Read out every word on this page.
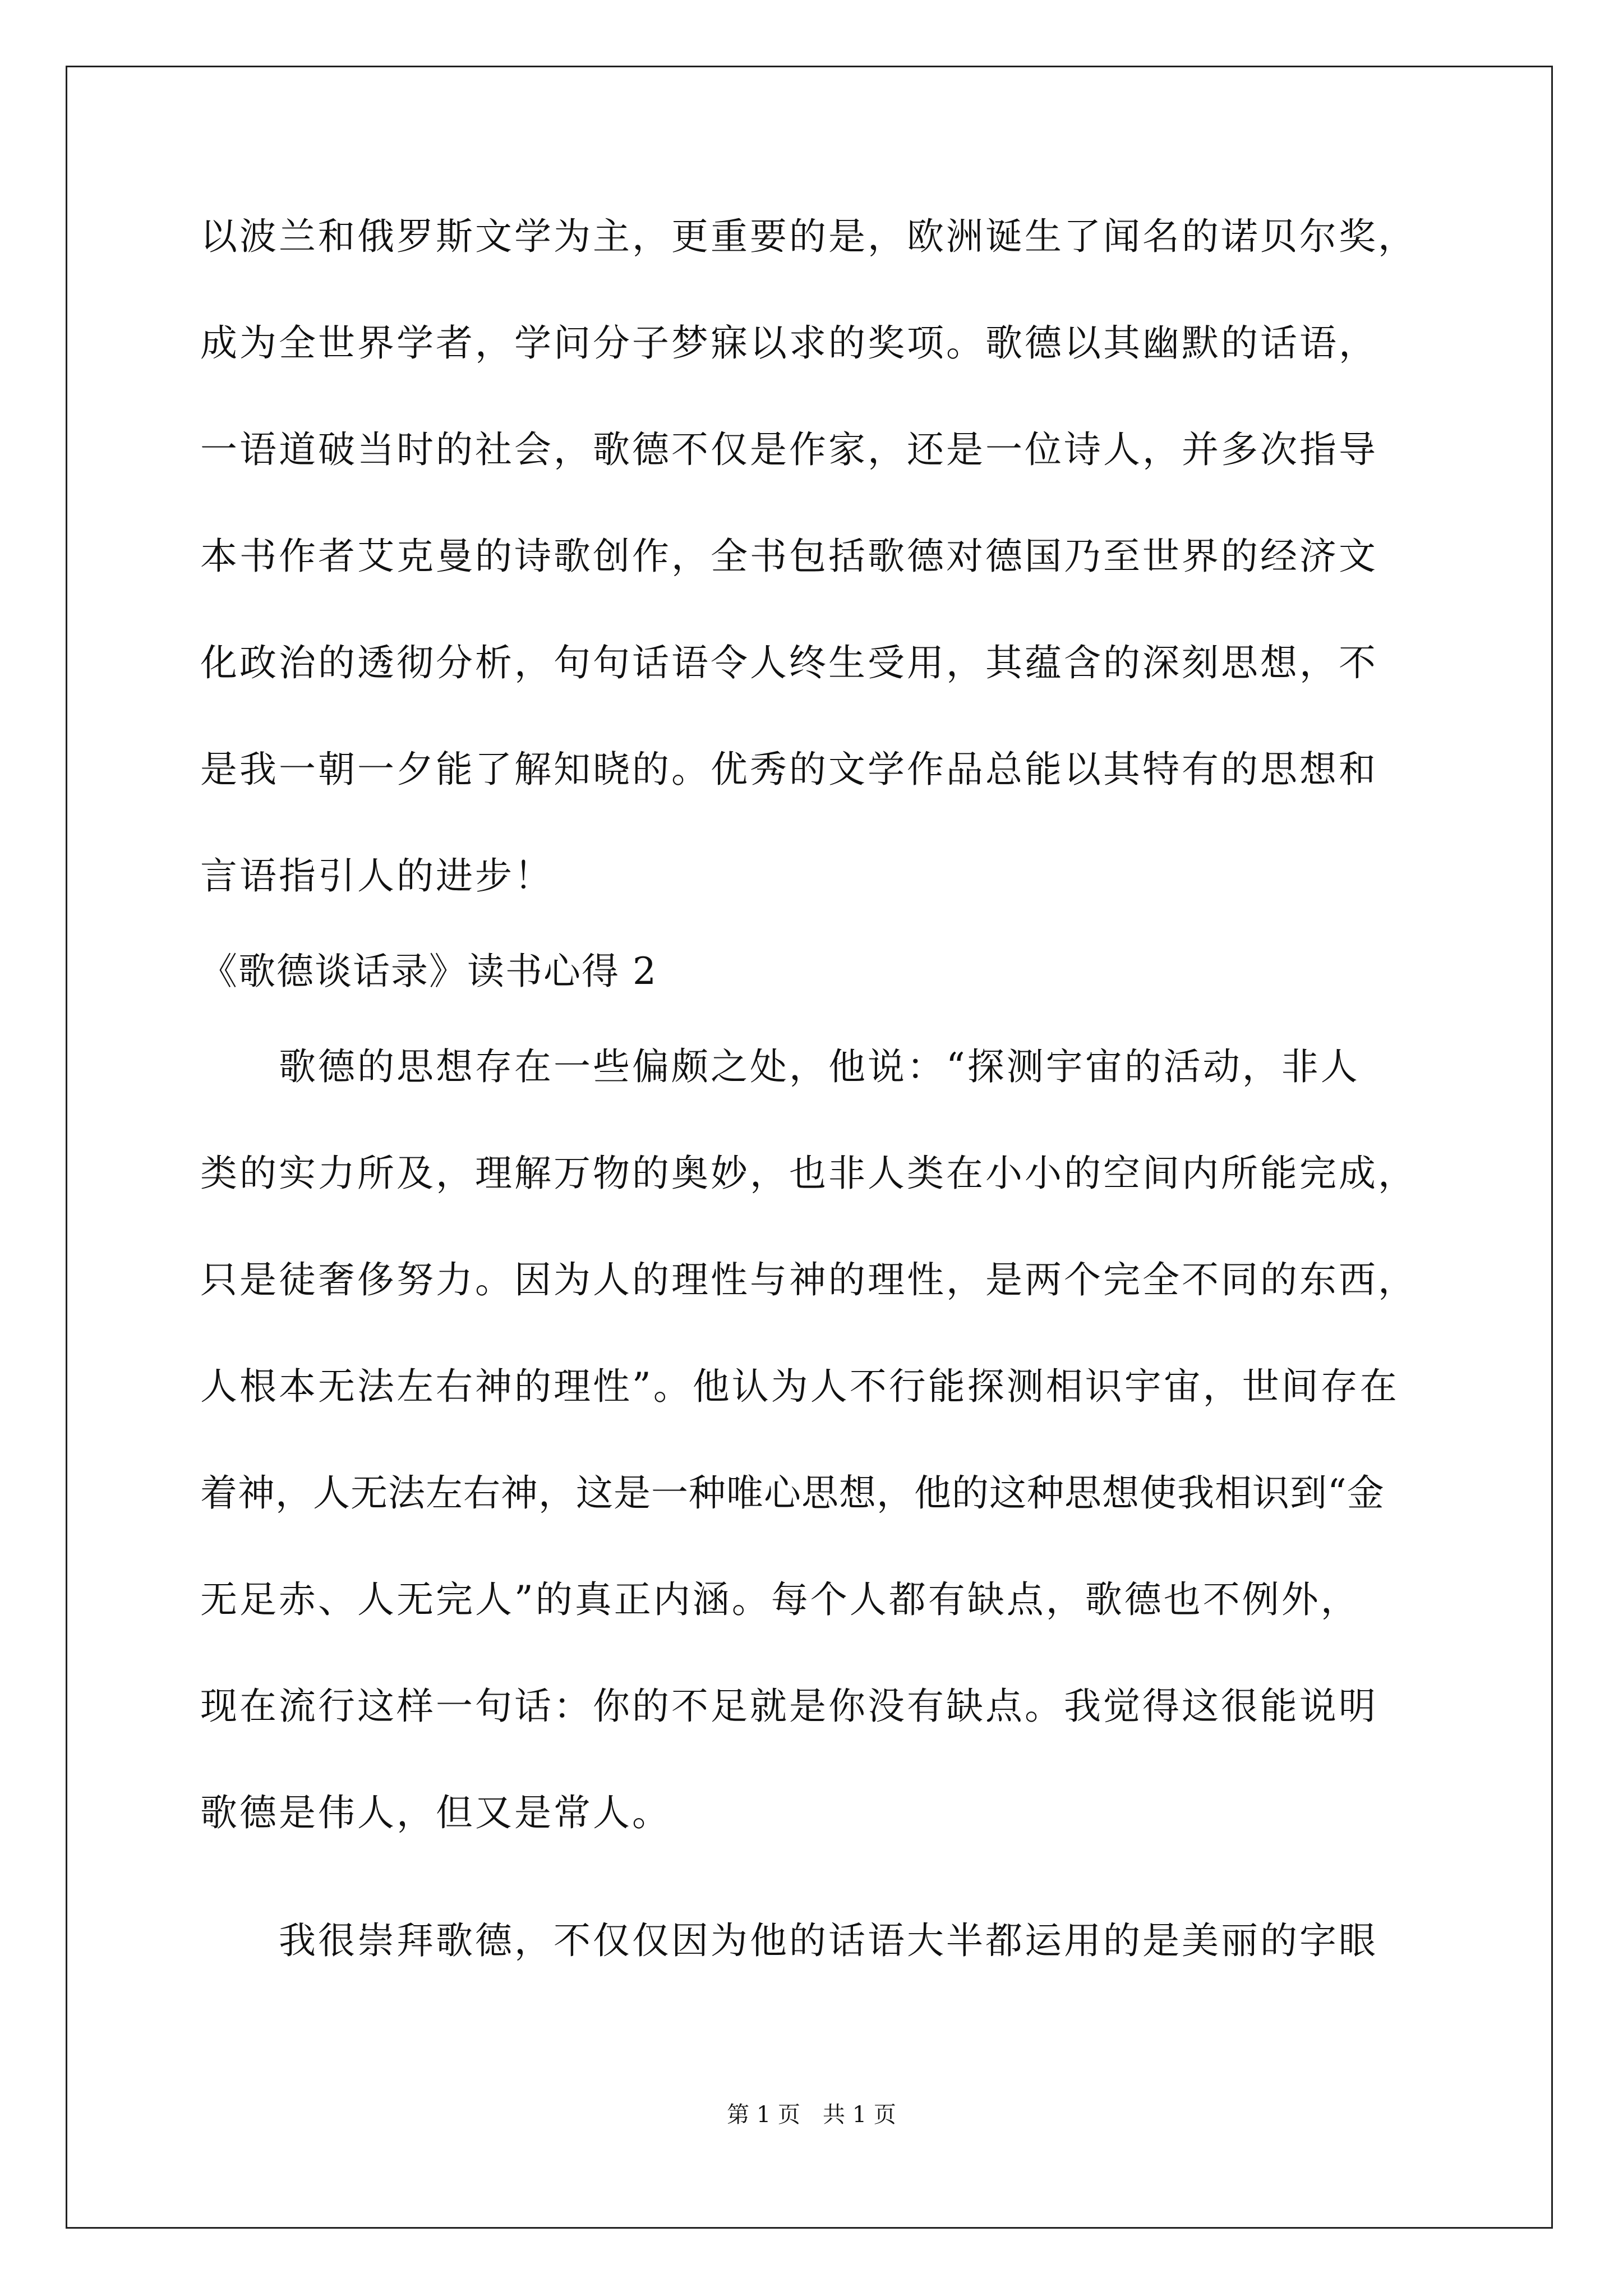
以波兰和俄罗斯文学为主，更重要的是，欧洲诞生了闻名的诺贝尔奖，
成为全世界学者，学问分子梦寐以求的奖项。歌德以其幽默的话语，
一语道破当时的社会，歌德不仅是作家，还是一位诗人，并多次指导
本书作者艾克曼的诗歌创作，全书包括歌德对德国乃至世界的经济文
化政治的透彻分析，句句话语令人终生受用，其蕴含的深刻思想，不
是我一朝一夕能了解知晓的。优秀的文学作品总能以其特有的思想和
言语指引人的进步！
《歌德谈话录》读书心得 2
歌德的思想存在一些偏颇之处，他说：“探测宇宙的活动，非人
类的实力所及，理解万物的奥妙，也非人类在小小的空间内所能完成，
只是徒奢侈努力。因为人的理性与神的理性，是两个完全不同的东西，
人根本无法左右神的理性”。他认为人不行能探测相识宇宙，世间存在
着神，人无法左右神，这是一种唯心思想，他的这种思想使我相识到“金
无足赤、人无完人”的真正内涵。每个人都有缺点，歌德也不例外，
现在流行这样一句话：你的不足就是你没有缺点。我觉得这很能说明
歌德是伟人，但又是常人。
我很崇拜歌德，不仅仅因为他的话语大半都运用的是美丽的字眼
第 1 页　共 1 页
